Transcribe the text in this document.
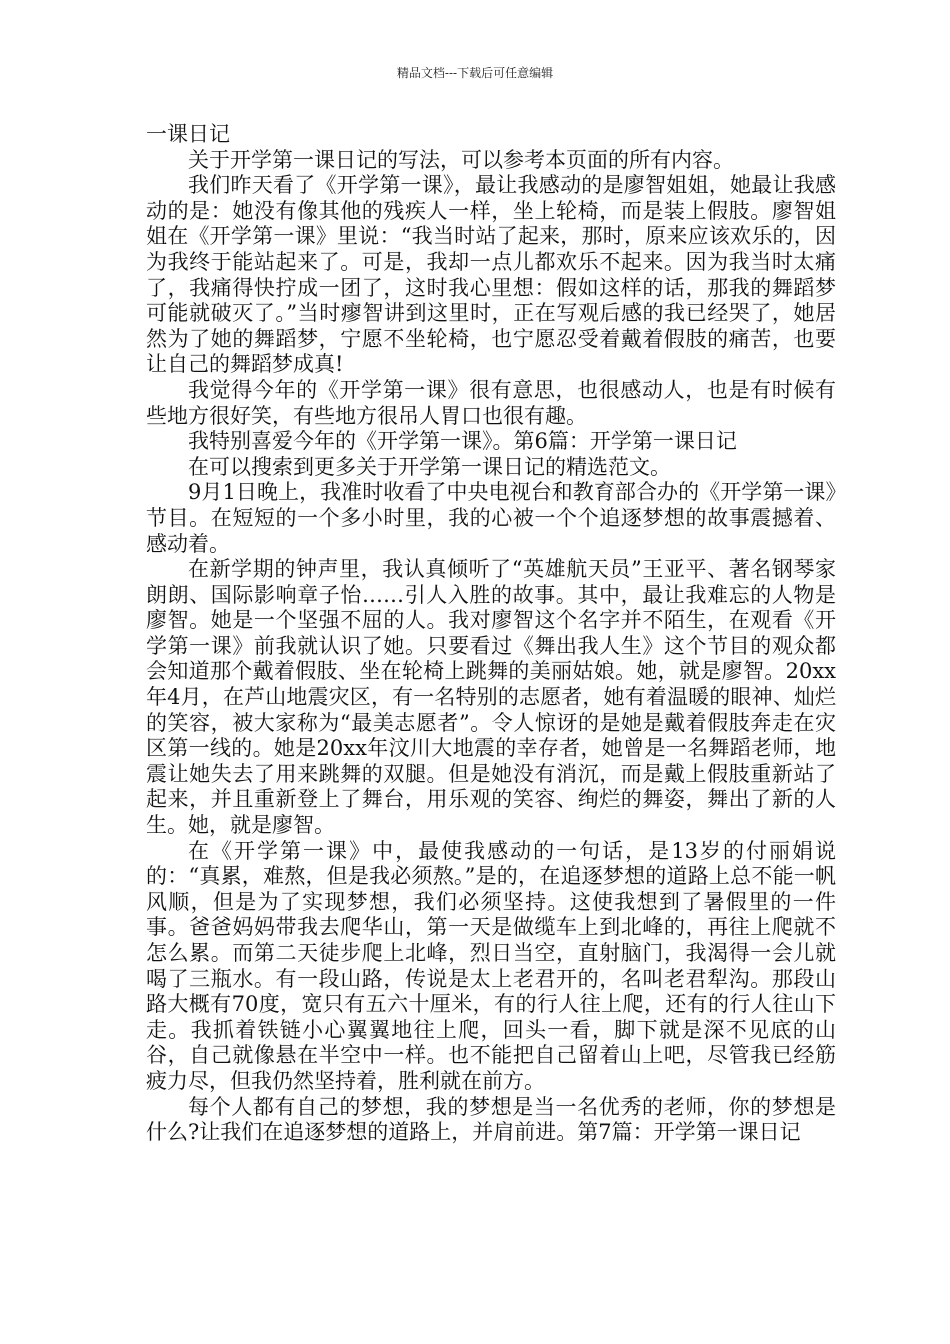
精品文档---下载后可任意编辑

一课日记

关于开学第一课日记的写法，可以参考本页面的所有内容。

我们昨天看了《开学第一课》，最让我感动的是廖智姐姐，她最让我感动的是：她没有像其他的残疾人一样，坐上轮椅，而是装上假肢。廖智姐姐在《开学第一课》里说：“我当时站了起来，那时，原来应该欢乐的，因为我终于能站起来了。可是，我却一点儿都欢乐不起来。因为我当时太痛了，我痛得快拧成一团了，这时我心里想：假如这样的话，那我的舞蹈梦可能就破灭了。”当时瘳智讲到这里时，正在写观后感的我已经哭了，她居然为了她的舞蹈梦，宁愿不坐轮椅，也宁愿忍受着戴着假肢的痛苦，也要让自己的舞蹈梦成真!

我觉得今年的《开学第一课》很有意思，也很感动人，也是有时候有些地方很好笑，有些地方很吊人胃口也很有趣。

我特别喜爱今年的《开学第一课》。第6篇：开学第一课日记

在可以搜索到更多关于开学第一课日记的精选范文。

9月1日晚上，我准时收看了中央电视台和教育部合办的《开学第一课》节目。在短短的一个多小时里，我的心被一个个追逐梦想的故事震撼着、感动着。

在新学期的钟声里，我认真倾听了“英雄航天员”王亚平、著名钢琴家朗朗、国际影响章子怡……引人入胜的故事。其中，最让我难忘的人物是廖智。她是一个坚强不屈的人。我对廖智这个名字并不陌生，在观看《开学第一课》前我就认识了她。只要看过《舞出我人生》这个节目的观众都会知道那个戴着假肢、坐在轮椅上跳舞的美丽姑娘。她，就是廖智。20xx年4月，在芦山地震灾区，有一名特别的志愿者，她有着温暖的眼神、灿烂的笑容，被大家称为“最美志愿者”。令人惊讶的是她是戴着假肢奔走在灾区第一线的。她是20xx年汶川大地震的幸存者，她曾是一名舞蹈老师，地震让她失去了用来跳舞的双腿。但是她没有消沉，而是戴上假肢重新站了起来，并且重新登上了舞台，用乐观的笑容、绚烂的舞姿，舞出了新的人生。她，就是廖智。

在《开学第一课》中，最使我感动的一句话，是13岁的付丽娟说的：“真累，难熬，但是我必须熬。”是的，在追逐梦想的道路上总不能一帆风顺，但是为了实现梦想，我们必须坚持。这使我想到了暑假里的一件事。爸爸妈妈带我去爬华山，第一天是做缆车上到北峰的，再往上爬就不怎么累。而第二天徒步爬上北峰，烈日当空，直射脑门，我渴得一会儿就喝了三瓶水。有一段山路，传说是太上老君开的，名叫老君犁沟。那段山路大概有70度，宽只有五六十厘米，有的行人往上爬，还有的行人往山下走。我抓着铁链小心翼翼地往上爬，回头一看，脚下就是深不见底的山谷，自己就像悬在半空中一样。也不能把自己留着山上吧，尽管我已经筋疲力尽，但我仍然坚持着，胜利就在前方。

每个人都有自己的梦想，我的梦想是当一名优秀的老师，你的梦想是什么?让我们在追逐梦想的道路上，并肩前进。第7篇：开学第一课日记
